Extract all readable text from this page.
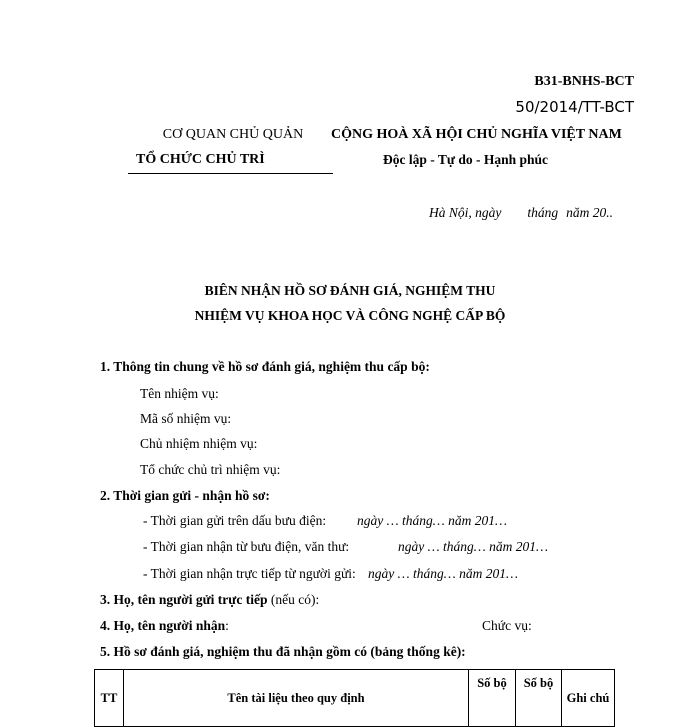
B31-BNHS-BCT
50/2014/TT-BCT
CƠ QUAN CHỦ QUẢN
TỔ CHỨC CHỦ TRÌ
CỘNG HOÀ XÃ HỘI CHỦ NGHĨA VIỆT NAM
Độc lập - Tự do - Hạnh phúc
Hà Nội, ngày tháng năm 20..
BIÊN NHẬN HỒ SƠ ĐÁNH GIÁ, NGHIỆM THU
NHIỆM VỤ KHOA HỌC VÀ CÔNG NGHỆ CẤP BỘ
1. Thông tin chung về hồ sơ đánh giá, nghiệm thu cấp bộ:
Tên nhiệm vụ:
Mã số nhiệm vụ:
Chủ nhiệm nhiệm vụ:
Tổ chức chủ trì nhiệm vụ:
2. Thời gian gửi - nhận hồ sơ:
- Thời gian gửi trên dấu bưu điện: ngày … tháng… năm 201…
- Thời gian nhận từ bưu điện, văn thư:	ngày … tháng… năm 201…
- Thời gian nhận trực tiếp từ người gửi: ngày … tháng… năm 201…
3. Họ, tên người gửi trực tiếp (nếu có):
4. Họ, tên người nhận:	Chức vụ:
5. Hồ sơ đánh giá, nghiệm thu đã nhận gồm có (bảng thống kê):
TT	Tên tài liệu theo quy định	Số bộ	Số bộ	Ghi chú
